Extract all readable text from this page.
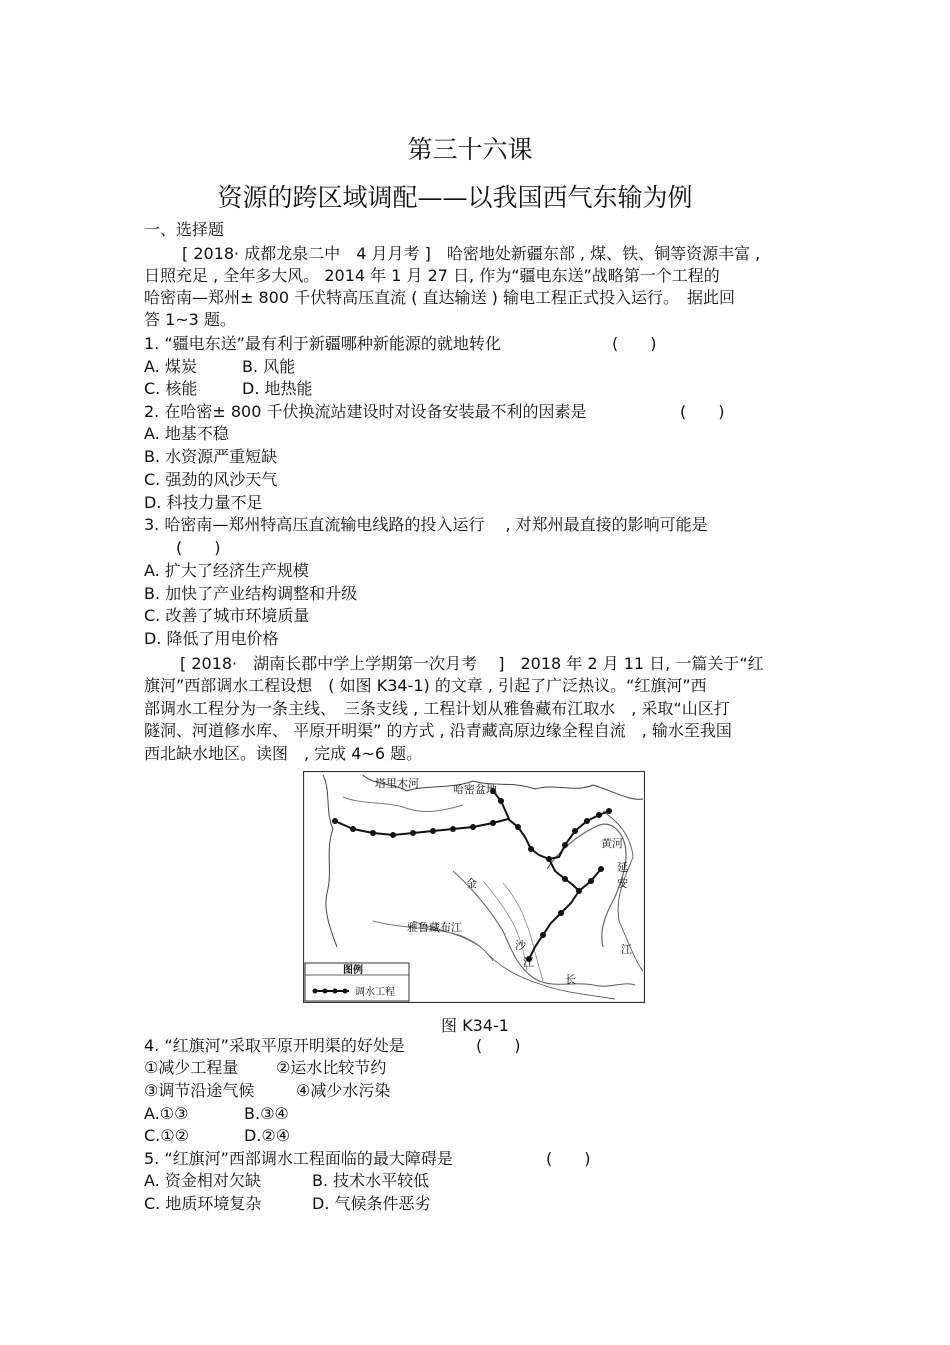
第三十六课
资源的跨区域调配——以我国西气东输为例
一、选择题
[ 2018· 成都龙泉二中　4 月月考 ]　哈密地处新疆东部 , 煤、铁、铜等资源丰富 ,
日照充足 , 全年多大风。 2014 年 1 月 27 日, 作为“疆电东送”战略第一个工程的
哈密南—郑州± 800 千伏特高压直流 ( 直达输送 ) 输电工程正式投入运行。　据此回
答 1~3 题。
1. “疆电东送”最有利于新疆哪种新能源的就地转化	(　　)
A. 煤炭	B. 风能
C. 核能	D. 地热能
2. 在哈密± 800 千伏换流站建设时对设备安装最不利的因素是	(　　)
A. 地基不稳
B. 水资源严重短缺
C. 强劲的风沙天气
D. 科技力量不足
3. 哈密南—郑州特高压直流输电线路的投入运行　 , 对郑州最直接的影响可能是
(　　)
A. 扩大了经济生产规模
B. 加快了产业结构调整和升级
C. 改善了城市环境质量
D. 降低了用电价格
[ 2018·　湖南长郡中学上学期第一次月考　 ]　2018 年 2 月 11 日, 一篇关于“红
旗河”西部调水工程设想　( 如图 K34-1) 的文章 , 引起了广泛热议。“红旗河”西
部调水工程分为一条主线、　三条支线 , 工程计划从雅鲁藏布江取水　, 采取“山区打
隧洞、河道修水库、 平原开明渠” 的方式 , 沿青藏高原边缘全程自流　, 输水至我国
西北缺水地区。读图　, 完成 4~6 题。
塔里木河	哈密盆地
黄河
延
安
金
雅鲁藏布江
沙
江
长
江
图例
调水工程
图 K34-1
4. “红旗河”采取平原开明渠的好处是	(　　)
①减少工程量 ②运水比较节约
③调节沿途气候	④减少水污染
A.①③	B.③④
C.①②	D.②④
5. “红旗河”西部调水工程面临的最大障碍是	(　　)
A. 资金相对欠缺	B. 技术水平较低
C. 地质环境复杂	D. 气候条件恶劣
